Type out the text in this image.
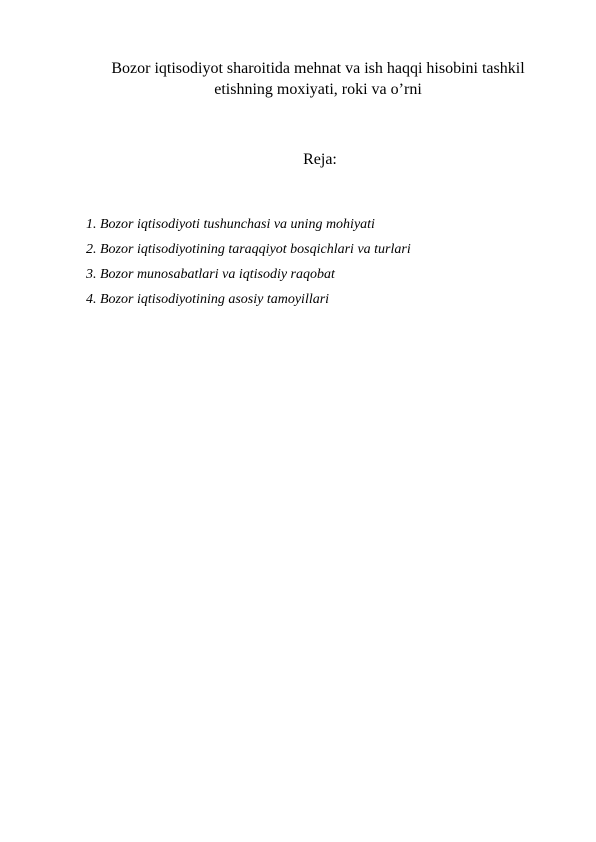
Bozor iqtisodiyot sharoitida mehnat va ish haqqi hisobini tashkil
etishning moxiyati, roki va o’rni
Reja:
1. Bozor iqtisodiyoti tushunchasi va uning mohiyati
2. Bozor iqtisodiyotining taraqqiyot bosqichlari va turlari
3. Bozor munosabatlari va iqtisodiy raqobat
4. Bozor iqtisodiyotining asosiy tamoyillari
